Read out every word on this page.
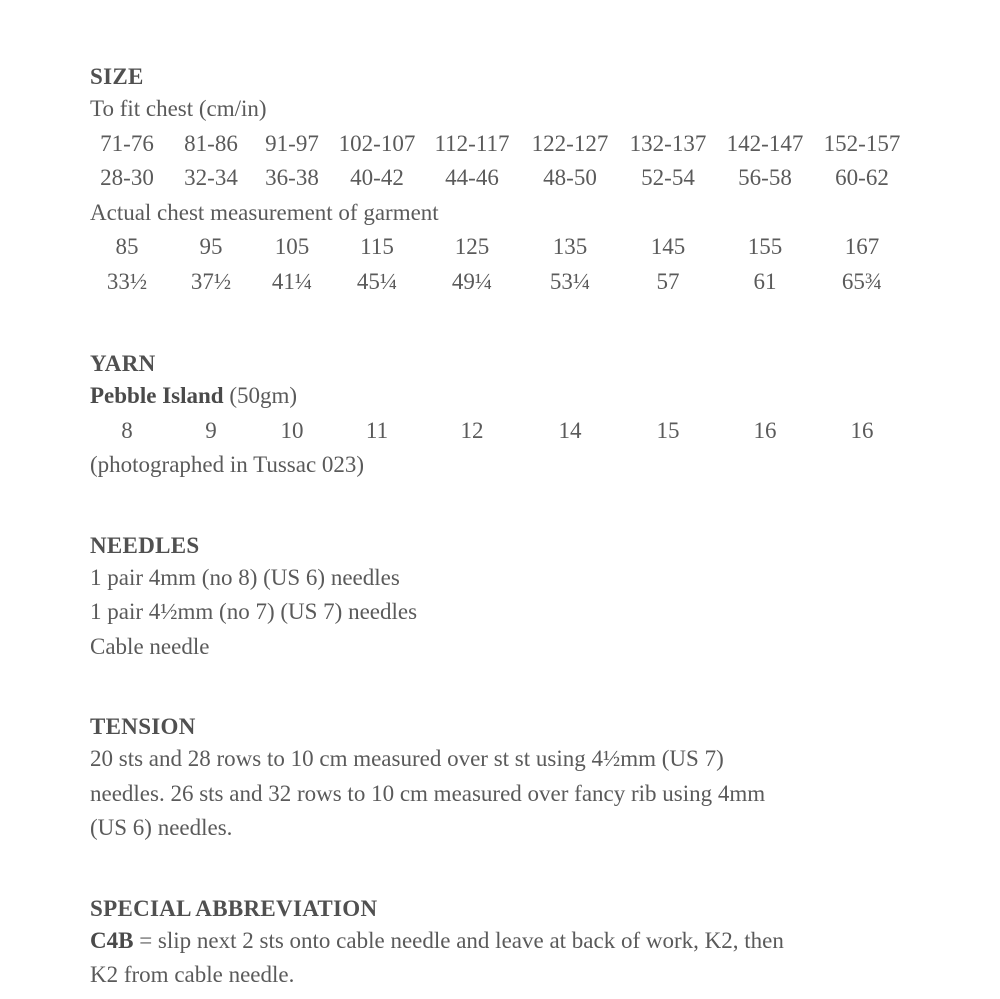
SIZE
To fit chest (cm/in)
71-76 81-86 91-97 102-107 112-117 122-127 132-137 142-147 152-157
28-30 32-34 36-38 40-42 44-46 48-50 52-54 56-58 60-62
Actual chest measurement of garment
85	95 105 115	125	135	145	155	167
33½ 37½ 41¼ 45¼ 49¼	53¼	57	61	65¾
YARN
Pebble Island (50gm)
8	9	10	11	12	14	15	16	16
(photographed in Tussac 023)
NEEDLES
1 pair 4mm (no 8) (US 6) needles
1 pair 4½mm (no 7) (US 7) needles
Cable needle
TENSION
20 sts and 28 rows to 10 cm measured over st st using 4½mm (US 7)
needles. 26 sts and 32 rows to 10 cm measured over fancy rib using 4mm
(US 6) needles.
SPECIAL ABBREVIATION
C4B = slip next 2 sts onto cable needle and leave at back of work, K2, then
K2 from cable needle.
